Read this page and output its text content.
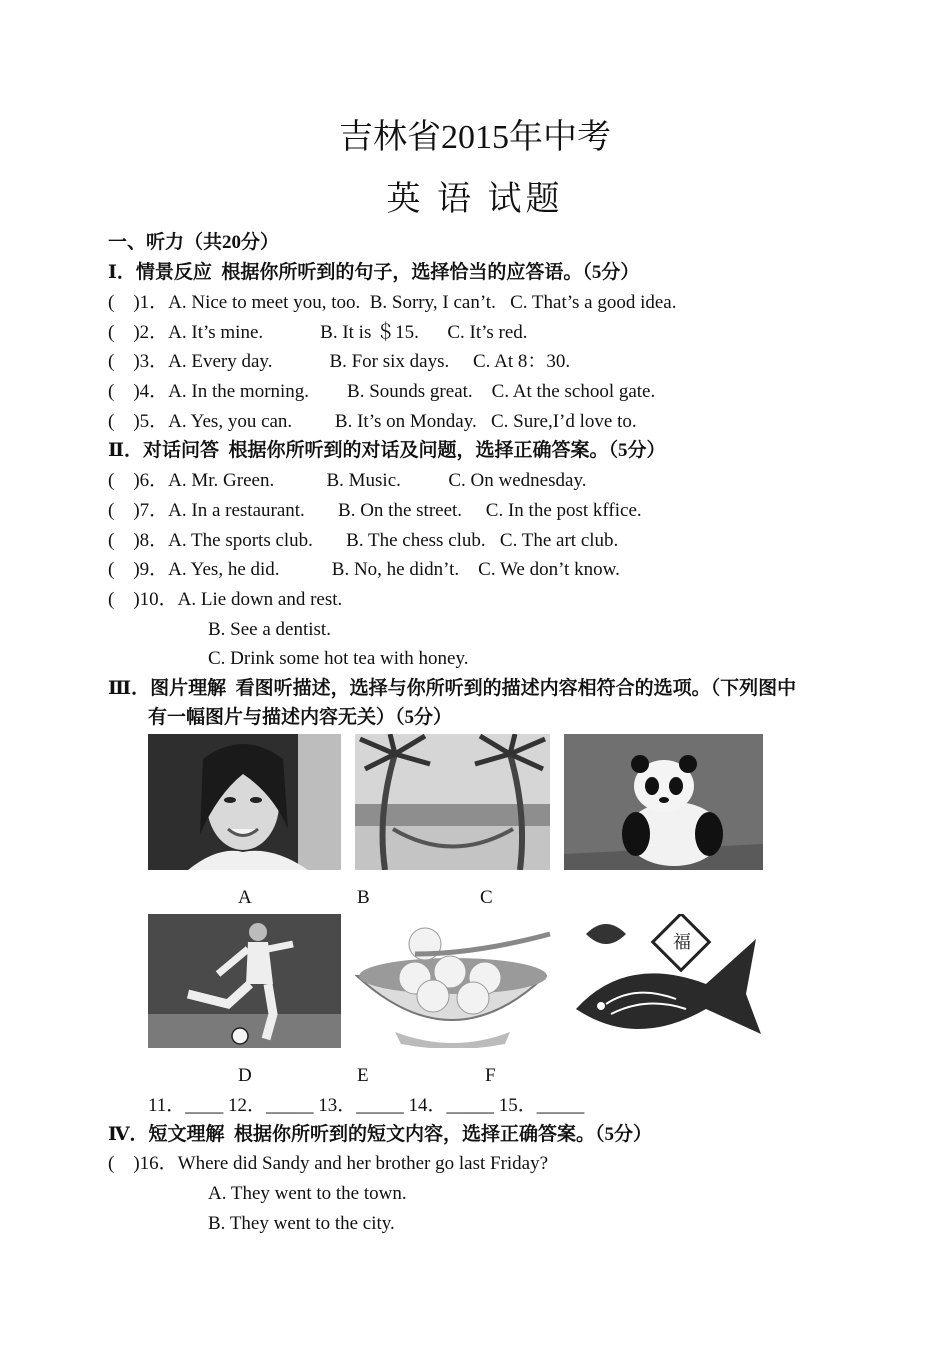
吉林省2015年中考
英 语 试题
一、听力（共20分）
Ⅰ．情景反应  根据你所听到的句子，选择恰当的应答语。（5分）
(    )1．A. Nice to meet you, too.  B. Sorry, I can’t.   C. That’s a good idea.
(    )2．A. It’s mine.            B. It is ＄15.      C. It’s red.
(    )3．A. Every day.            B. For six days.     C. At 8：30.
(    )4．A. In the morning.        B. Sounds great.    C. At the school gate.
(    )5．A. Yes, you can.         B. It’s on Monday.   C. Sure,I’d love to.
Ⅱ．对话问答  根据你所听到的对话及问题，选择正确答案。（5分）
(    )6．A. Mr. Green.           B. Music.          C. On wednesday.
(    )7．A. In a restaurant.       B. On the street.     C. In the post kffice.
(    )8．A. The sports club.       B. The chess club.   C. The art club.
(    )9．A. Yes, he did.           B. No, he didn’t.    C. We don’t know.
(    )10．A. Lie down and rest.
B. See a dentist.
C. Drink some hot tea with honey.
Ⅲ．图片理解  看图听描述，选择与你所听到的描述内容相符合的选项。（下列图中
有一幅图片与描述内容无关）（5分）
A	B	C
福
D	E	F
11．____ 12．_____ 13．_____ 14．_____ 15．_____
Ⅳ．短文理解  根据你所听到的短文内容，选择正确答案。（5分）
(    )16．Where did Sandy and her brother go last Friday?
A. They went to the town.
B. They went to the city.
